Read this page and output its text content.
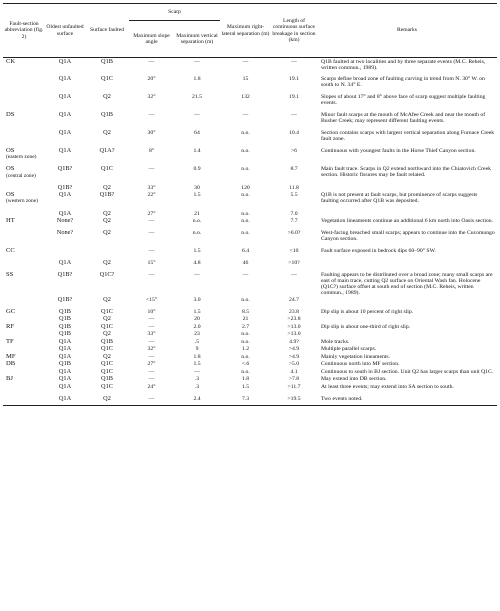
Fault-section abbreviation (fig. 2)	Oldest unfaulted surface	Surface faulted	Scarp		Maximum right-lateral separation (m)	Length of continuous surface breakage in section (km)	Remarks
			Maximum slope angle	Maximum vertical separation (m)			
CK	Q1A	Q1B	—	—	—	—	Q1B faulted at two localities and by three separate events (M.C. Reheis, written commun., 1989).
	Q1A	Q1C	20°	1.8	15	19.1	Scarps define broad zone of faulting curving in trend from N. 30° W. on south to N. 34° E.
	Q1A	Q2	32°	21.5	132	19.1	Slopes of about 17° and 8° above face of scarp suggest multiple faulting events.
DS	Q1A	Q1B	—	—	—	—	Minor fault scarps at the mouth of McAfee Creek and near the mouth of Busher Creek; may represent different faulting events.
	Q1A	Q2	30°	64	n.o.	10.4	Section contains scarps with largest vertical separation along Furnace Creek fault zone.
OS
(eastern zone)	Q1A	Q1A?	8°	1.4	n.o.	>6	Continuous with youngest faults in the Horse Thief Canyon section.
OS
(central zone)	Q1B?	Q1C	—	0.9	n.o.	8.7	Main fault trace. Scarps in Q2 extend northward into the Chiatovich Creek section. Historic fissures may be fault related.
	Q1B?	Q2	33°	30	120	11.8	
OS
(western zone)	Q1A	Q1B?	22°	1.5	n.o.	5.5	Q1B is not present at fault scarps, but prominence of scarps suggests faulting occurred after Q1B was deposited.
	Q1A	Q2	27°	21	n.o.	7.0	
HT	None?	Q2	—	n.o.	n.o.	7.7	Vegetation lineaments continue an additional 6 km north into Oasis section.
	None?	Q2	—	n.o.	n.o.	>6.0?	West-facing breached small scarps; appears to continue into the Cucomungo Canyon section.
CC			—	1.5	6.4	<10	Fault surface exposed in bedrock dips 60–90° SW.
	Q1A	Q2	15°	4.8	46	>10?	
SS	Q1B?	Q1C?	—	—	—	—	Faulting appears to be distributed over a broad zone; many small scarps are east of main trace, cutting Q2 surface on Oriental Wash fan. Holocene (Q1C?) surface offset at south end of section (M.C. Reheis, written commun., 1989).
	Q1B?	Q2	<15°	3.0	n.o.	24.7	
GC	Q1B	Q1C	10°	1.5	8.5	23.8	Dip slip is about 10 percent of right slip.
	Q1B	Q2	—	20	21	>23.8	
RF	Q1B	Q1C	—	2.0	2.7	>13.0	Dip slip is about one-third of right slip.
	Q1B	Q2	33°	23	n.o.	>13.0	
TF	Q1A	Q1B	—	.5	n.o.	4.9?	Mole tracks.
	Q1A	Q1C	32°	9	1.2	>4.9	Multiple parallel scarps.
MF	Q1A	Q2	—	1.8	n.o.	>4.9	Mainly vegetation lineaments.
DB	Q1B	Q1C	27°	1.5	<.6	>5.0	Continuous north into MF section.
	Q1A	Q1C	—	—	n.o.	4.1	Continuous to south in BJ section. Unit Q2 has larger scarps than unit Q1C.
BJ	Q1A	Q1B	—	.3	1.8	>7.8	May extend into DB section.
	Q1A	Q1C	24°	.3	1.5	>11.7	At least three events; may extend into SA section to south.
	Q1A	Q2	—	2.4	7.3	>19.5	Two events noted.
